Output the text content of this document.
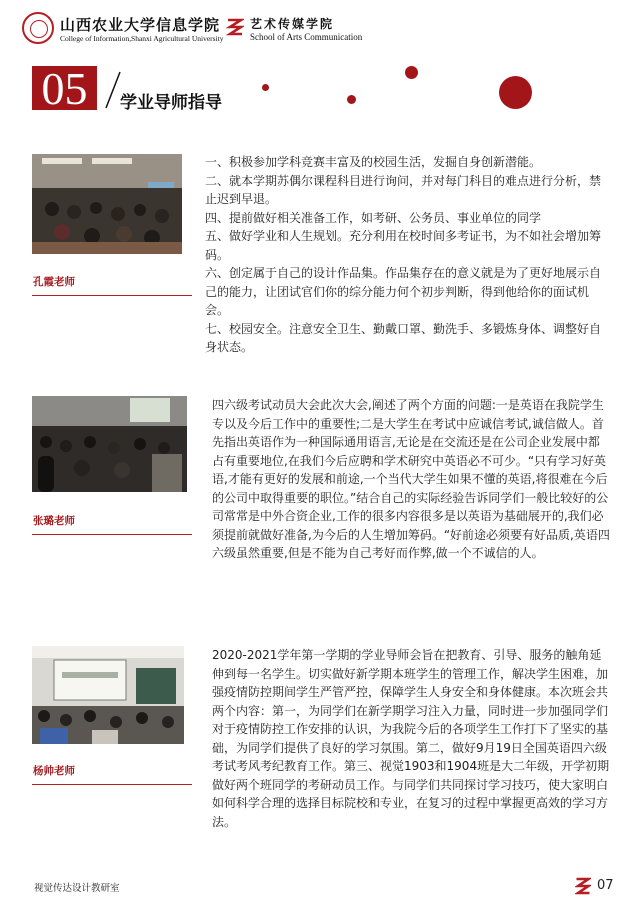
山西农业大学信息学院
College of Information,Shanxi Agricultural University
艺术传媒学院
School of Arts Communication
05	学业导师指导
孔霞老师

一、积极参加学科竞赛丰富及的校园生活，发掘自身创新潜能。

二、就本学期苏偶尔课程科目进行询问，并对每门科目的难点进行分析，禁止迟到早退。

四、提前做好相关准备工作，如考研、公务员、事业单位的同学

五、做好学业和人生规划。充分利用在校时间多考证书，为不如社会增加筹码。

六、创定属于自己的设计作品集。作品集存在的意义就是为了更好地展示自己的能力，让团试官们你的综分能力何个初步判断，得到他给你的面试机会。

七、校园安全。注意安全卫生、勤戴口罩、勤洗手、多锻炼身体、调整好自身状态。

张璐老师

四六级考试动员大会此次大会,阐述了两个方面的问题:一是英语在我院学生专以及今后工作中的重要性;二是大学生在考试中应诚信考试,诚信做人。首先指出英语作为一种国际通用语言,无论是在交流还是在公司企业发展中都占有重要地位,在我们今后应聘和学术研究中英语必不可少。“只有学习好英语,才能有更好的发展和前途,一个当代大学生如果不懂的英语,将很难在今后的公司中取得重要的职位。”结合自己的实际经验告诉同学们一般比较好的公司常常是中外合资企业,工作的很多内容很多是以英语为基础展开的,我们必须提前就做好准备,为今后的人生增加筹码。“好前途必须要有好品质,英语四六级虽然重要,但是不能为自己考好而作弊,做一个不诚信的人。

杨帅老师

2020-2021学年第一学期的学业导师会旨在把教育、引导、服务的触角延伸到每一名学生。切实做好新学期本班学生的管理工作，解决学生困难，加强疫情防控期间学生严管严控，保障学生人身安全和身体健康。本次班会共两个内容：第一，为同学们在新学期学习注入力量，同时进一步加强同学们对于疫情防控工作安排的认识，为我院今后的各项学生工作打下了坚实的基础，为同学们提供了良好的学习氛围。第二，做好9月19日全国英语四六级考试考风考纪教育工作。第三、视觉1903和1904班是大二年级，开学初期做好两个班同学的考研动员工作。与同学们共同探讨学习技巧，使大家明白如何科学合理的选择目标院校和专业，在复习的过程中掌握更高效的学习方法。

视觉传达设计教研室	07
